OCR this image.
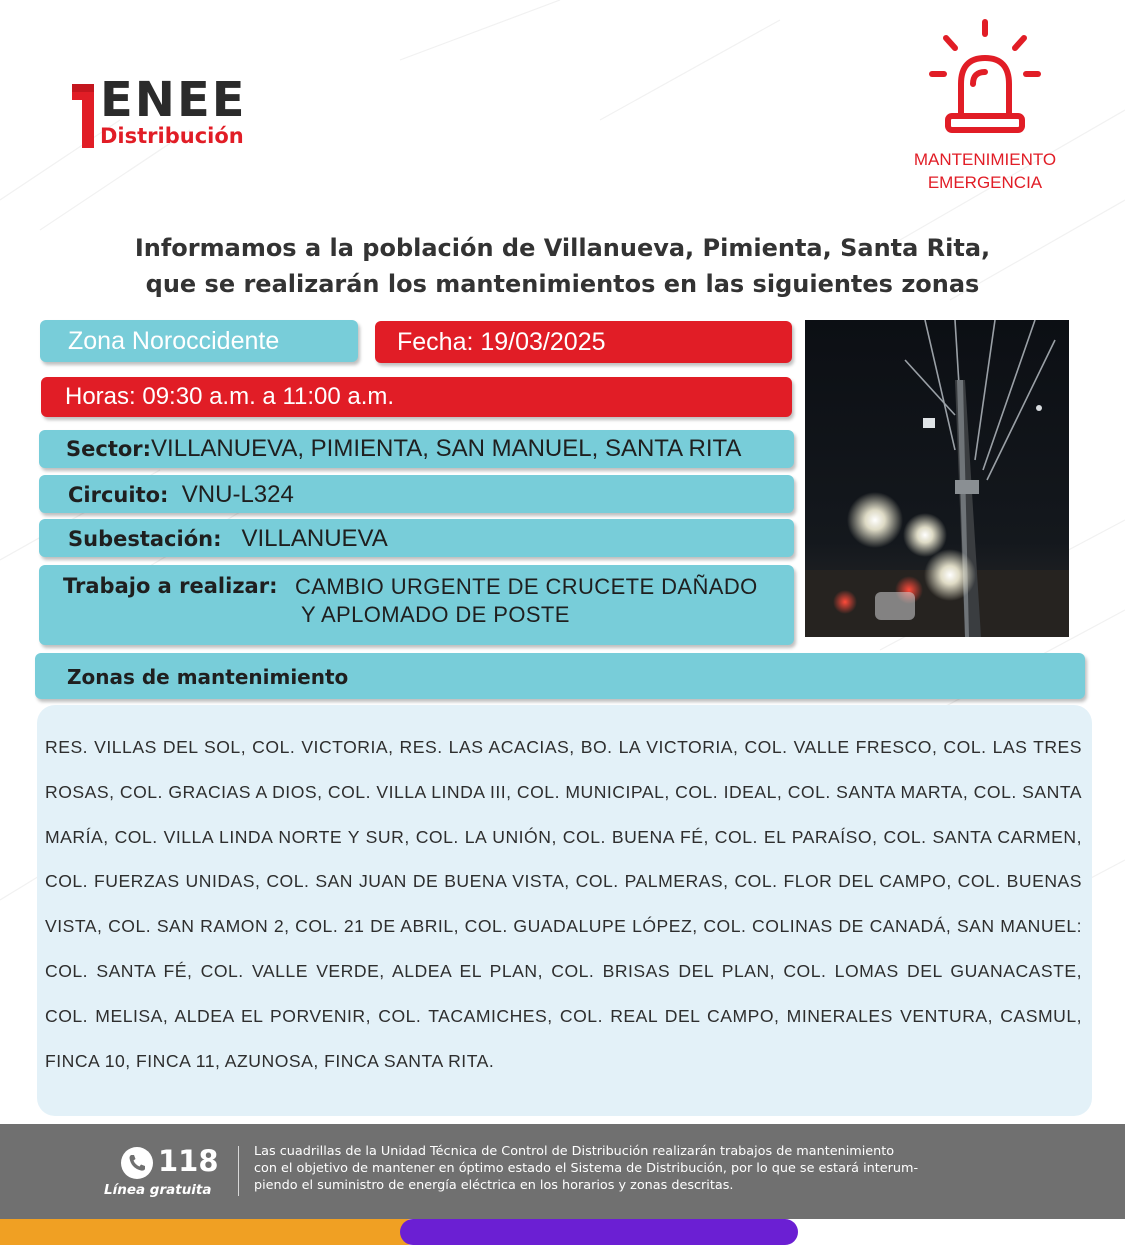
ENEE
Distribución
MANTENIMIENTO
EMERGENCIA
Informamos a la población de Villanueva, Pimienta, Santa Rita,
que se realizarán los mantenimientos en las siguientes zonas
Zona Noroccidente	Fecha: 19/03/2025
Horas: 09:30 a.m. a 11:00 a.m.
Sector:VILLANUEVA, PIMIENTA, SAN MANUEL, SANTA RITA
Circuito: VNU-L324
Subestación: VILLANUEVA
Trabajo a realizar: CAMBIO URGENTE DE CRUCETE DAÑADO
Y APLOMADO DE POSTE
Zonas de mantenimiento
RES. VILLAS DEL SOL, COL. VICTORIA, RES. LAS ACACIAS, BO. LA VICTORIA, COL. VALLE FRESCO, COL. LAS TRES ROSAS, COL. GRACIAS A DIOS, COL. VILLA LINDA III, COL. MUNICIPAL, COL. IDEAL, COL. SANTA MARTA, COL. SANTA MARÍA, COL. VILLA LINDA NORTE Y SUR, COL. LA UNIÓN, COL. BUENA FÉ, COL. EL PARAÍSO, COL. SANTA CARMEN, COL. FUERZAS UNIDAS, COL. SAN JUAN DE BUENA VISTA, COL. PALMERAS, COL. FLOR DEL CAMPO, COL. BUENAS VISTA, COL. SAN RAMON 2, COL. 21 DE ABRIL, COL. GUADALUPE LÓPEZ, COL. COLINAS DE CANADÁ, SAN MANUEL: COL. SANTA FÉ, COL. VALLE VERDE, ALDEA EL PLAN, COL. BRISAS DEL PLAN, COL. LOMAS DEL GUANACASTE, COL. MELISA, ALDEA EL PORVENIR, COL. TACAMICHES, COL. REAL DEL CAMPO, MINERALES VENTURA, CASMUL, FINCA 10, FINCA 11, AZUNOSA, FINCA SANTA RITA.
118
Línea gratuita
Las cuadrillas de la Unidad Técnica de Control de Distribución realizarán trabajos de mantenimiento
con el objetivo de mantener en óptimo estado el Sistema de Distribución, por lo que se estará interum-
piendo el suministro de energía eléctrica en los horarios y zonas descritas.
